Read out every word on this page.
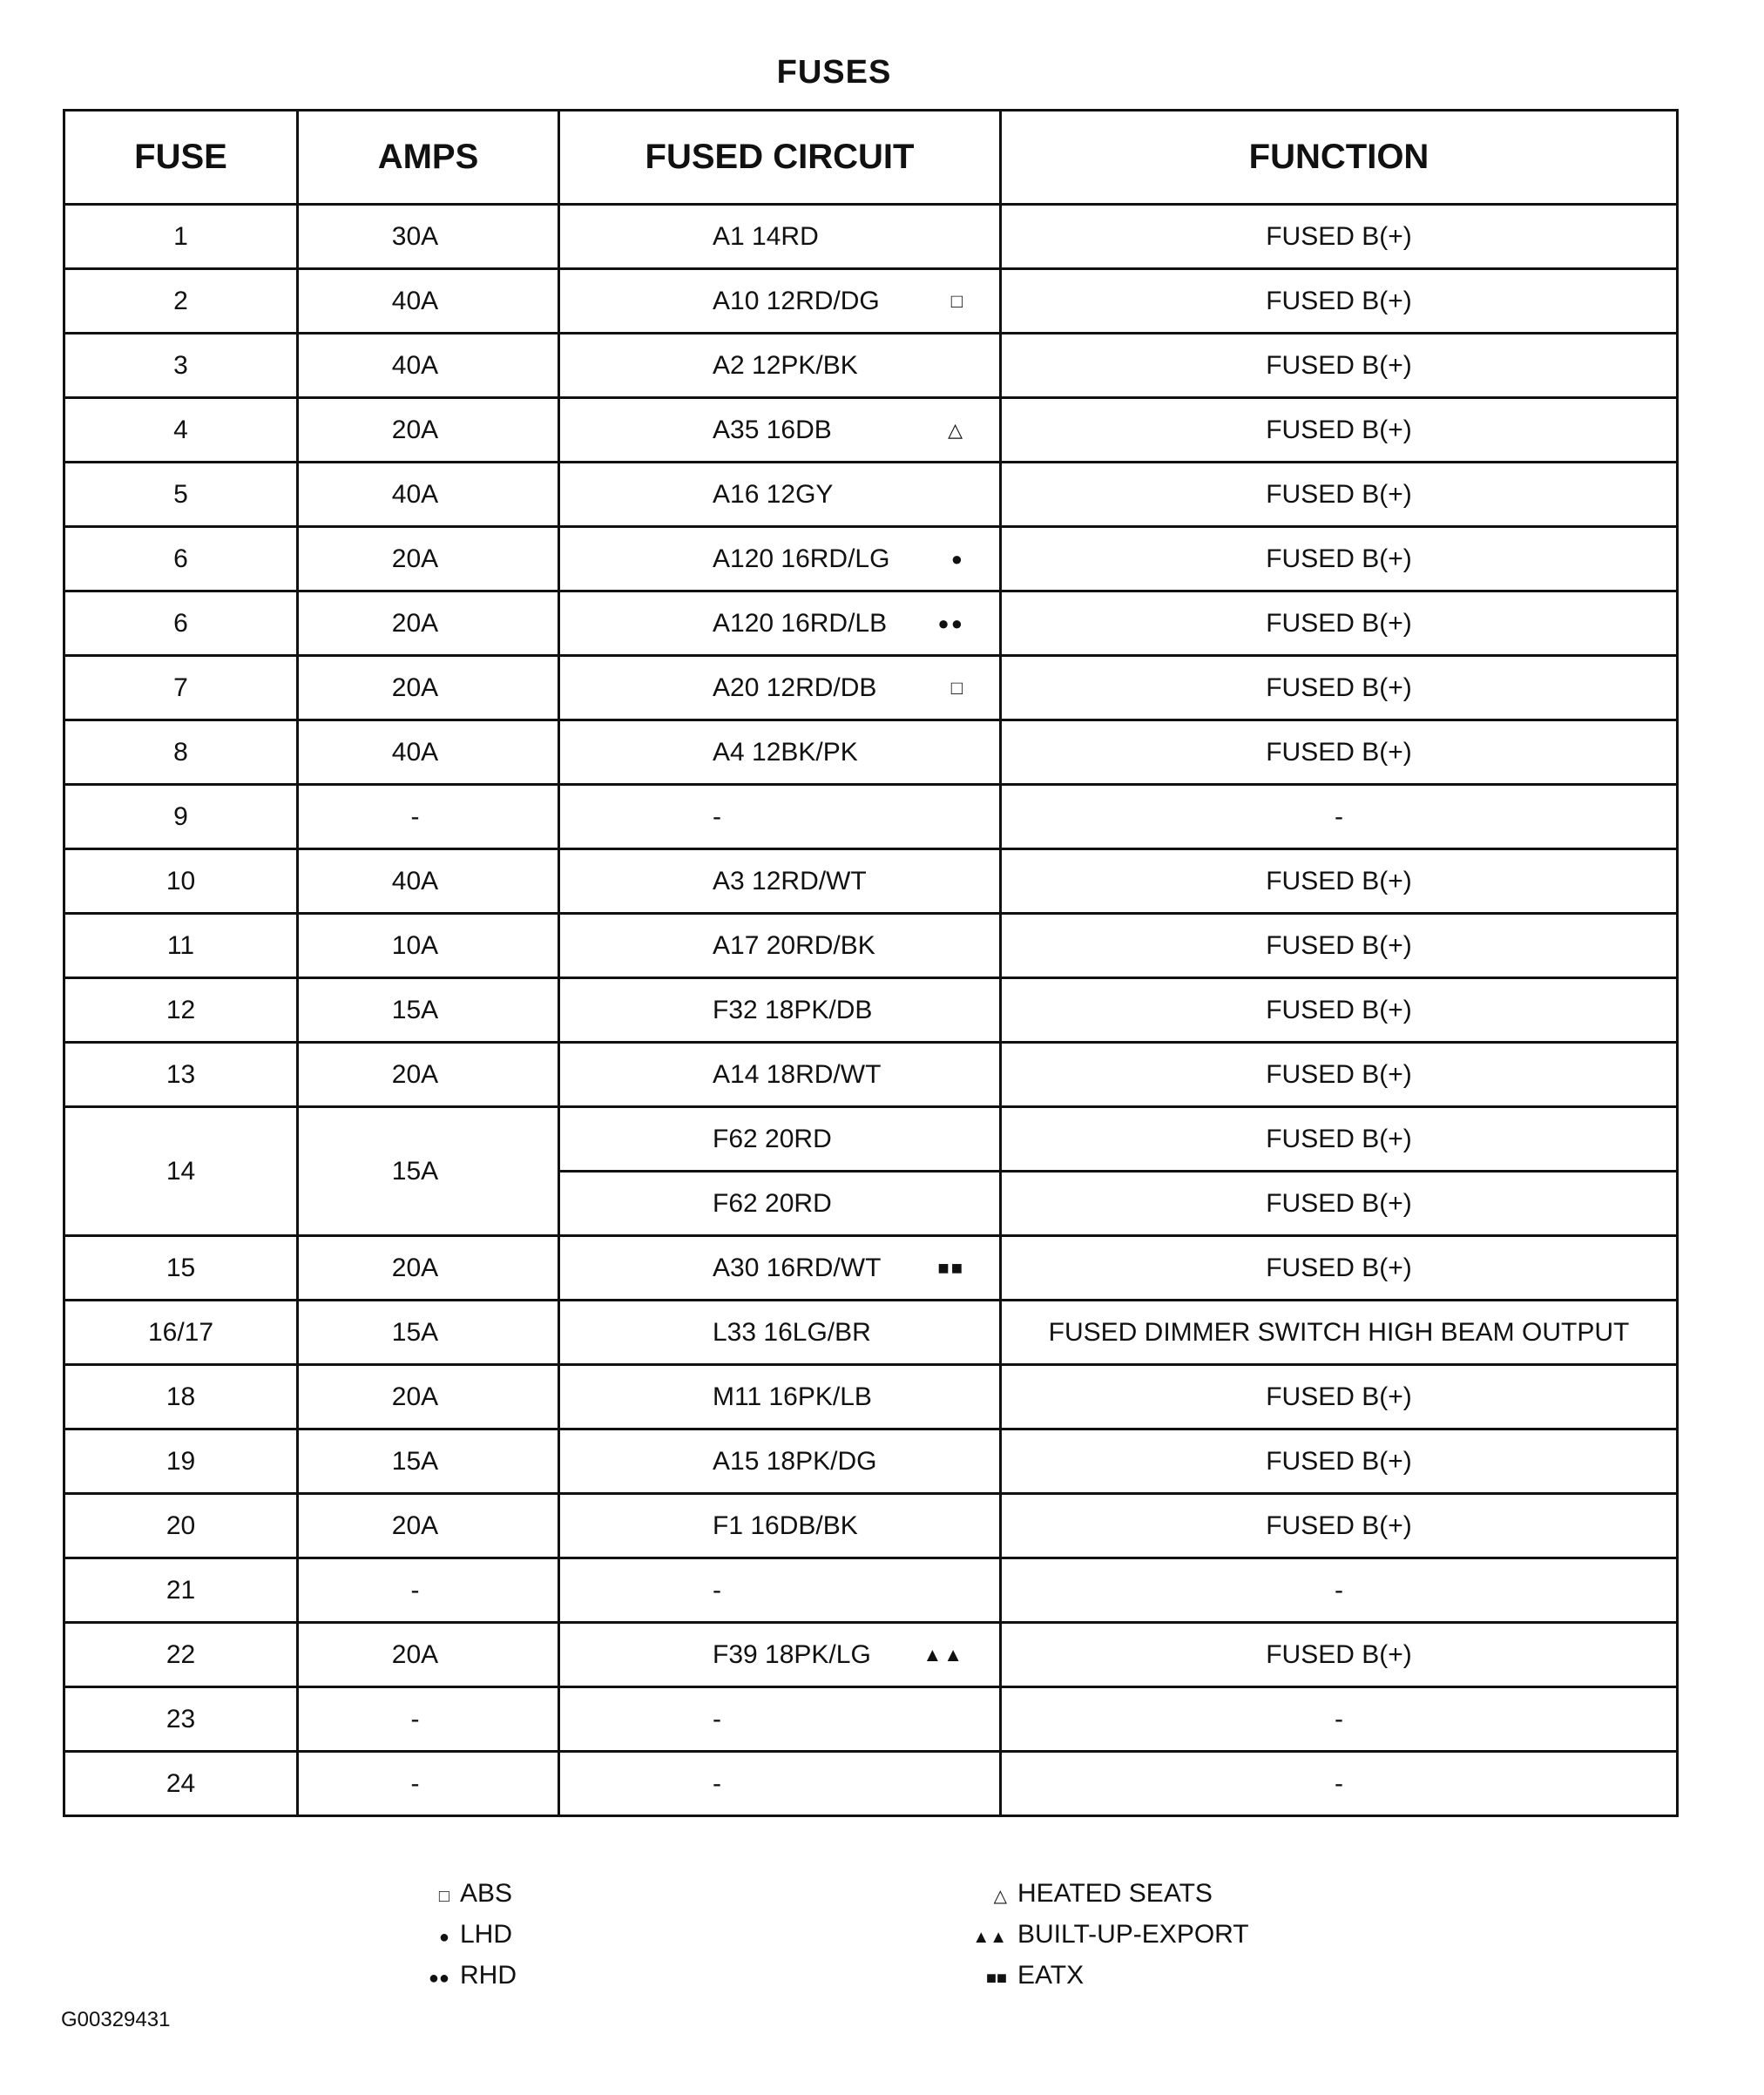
FUSES
FUSE	AMPS	FUSED CIRCUIT	FUNCTION
1	30A	A1 14RD	FUSED B(+)
2	40A	A10 12RD/DG □	FUSED B(+)
3	40A	A2 12PK/BK	FUSED B(+)
4	20A	A35 16DB △	FUSED B(+)
5	40A	A16 12GY	FUSED B(+)
6	20A	A120 16RD/LG ●	FUSED B(+)
6	20A	A120 16RD/LB ●●	FUSED B(+)
7	20A	A20 12RD/DB □	FUSED B(+)
8	40A	A4 12BK/PK	FUSED B(+)
9	-	-	-
10	40A	A3 12RD/WT	FUSED B(+)
11	10A	A17 20RD/BK	FUSED B(+)
12	15A	F32 18PK/DB	FUSED B(+)
13	20A	A14 18RD/WT	FUSED B(+)
14	15A	F62 20RD	FUSED B(+)
		F62 20RD	FUSED B(+)
15	20A	A30 16RD/WT ■■	FUSED B(+)
16/17	15A	L33 16LG/BR	FUSED DIMMER SWITCH HIGH BEAM OUTPUT
18	20A	M11 16PK/LB	FUSED B(+)
19	15A	A15 18PK/DG	FUSED B(+)
20	20A	F1 16DB/BK	FUSED B(+)
21	-	-	-
22	20A	F39 18PK/LG ▲▲	FUSED B(+)
23	-	-	-
24	-	-	-
□ ABS
● LHD
●● RHD
△ HEATED SEATS
▲▲ BUILT-UP-EXPORT
■■ EATX
G00329431
